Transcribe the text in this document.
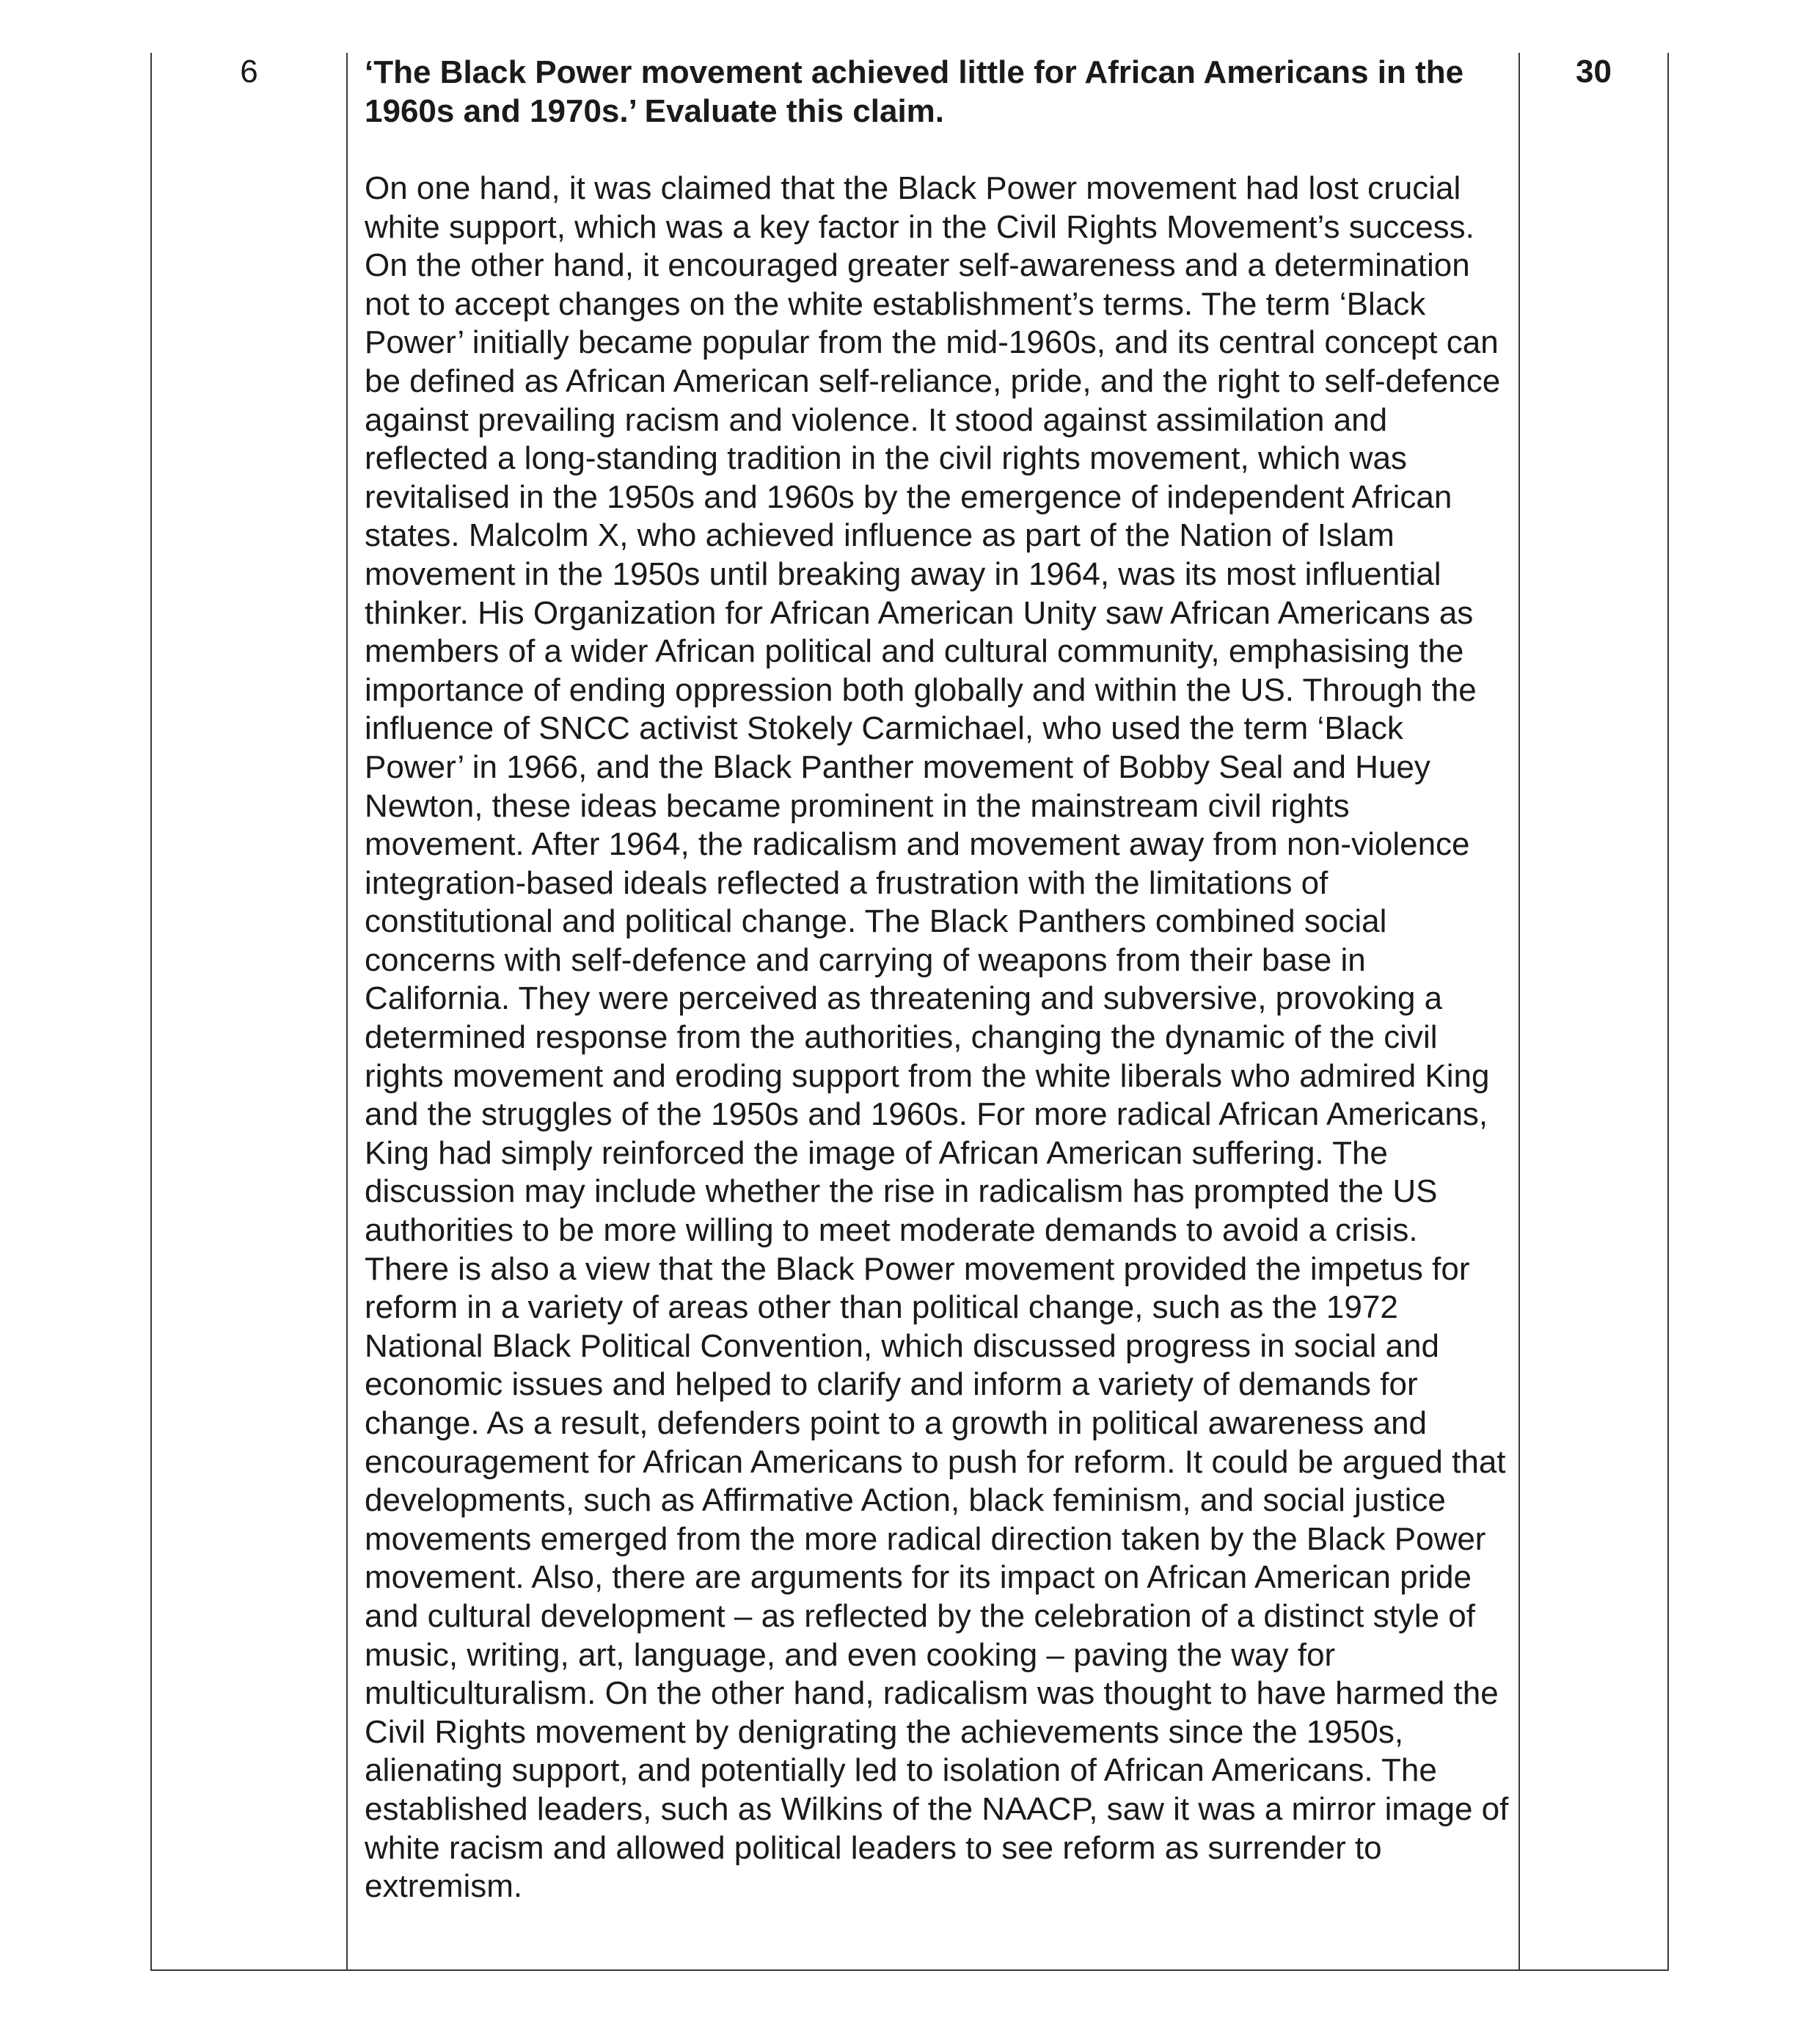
6	‘The Black Power movement achieved little for African Americans in the 1960s and 1970s.’ Evaluate this claim.

On one hand, it was claimed that the Black Power movement had lost crucial white support, which was a key factor in the Civil Rights Movement’s success. On the other hand, it encouraged greater self-awareness and a determination not to accept changes on the white establishment’s terms. The term ‘Black Power’ initially became popular from the mid-1960s, and its central concept can be defined as African American self-reliance, pride, and the right to self-defence against prevailing racism and violence. It stood against assimilation and reflected a long-standing tradition in the civil rights movement, which was revitalised in the 1950s and 1960s by the emergence of independent African states. Malcolm X, who achieved influence as part of the Nation of Islam movement in the 1950s until breaking away in 1964, was its most influential thinker. His Organization for African American Unity saw African Americans as members of a wider African political and cultural community, emphasising the importance of ending oppression both globally and within the US. Through the influence of SNCC activist Stokely Carmichael, who used the term ‘Black Power’ in 1966, and the Black Panther movement of Bobby Seal and Huey Newton, these ideas became prominent in the mainstream civil rights movement. After 1964, the radicalism and movement away from non-violence integration-based ideals reflected a frustration with the limitations of constitutional and political change. The Black Panthers combined social concerns with self-defence and carrying of weapons from their base in California. They were perceived as threatening and subversive, provoking a determined response from the authorities, changing the dynamic of the civil rights movement and eroding support from the white liberals who admired King and the struggles of the 1950s and 1960s. For more radical African Americans, King had simply reinforced the image of African American suffering. The discussion may include whether the rise in radicalism has prompted the US authorities to be more willing to meet moderate demands to avoid a crisis. There is also a view that the Black Power movement provided the impetus for reform in a variety of areas other than political change, such as the 1972 National Black Political Convention, which discussed progress in social and economic issues and helped to clarify and inform a variety of demands for change. As a result, defenders point to a growth in political awareness and encouragement for African Americans to push for reform. It could be argued that developments, such as Affirmative Action, black feminism, and social justice movements emerged from the more radical direction taken by the Black Power movement. Also, there are arguments for its impact on African American pride and cultural development – as reflected by the celebration of a distinct style of music, writing, art, language, and even cooking – paving the way for multiculturalism. On the other hand, radicalism was thought to have harmed the Civil Rights movement by denigrating the achievements since the 1950s, alienating support, and potentially led to isolation of African Americans. The established leaders, such as Wilkins of the NAACP, saw it was a mirror image of white racism and allowed political leaders to see reform as surrender to extremism.

30
